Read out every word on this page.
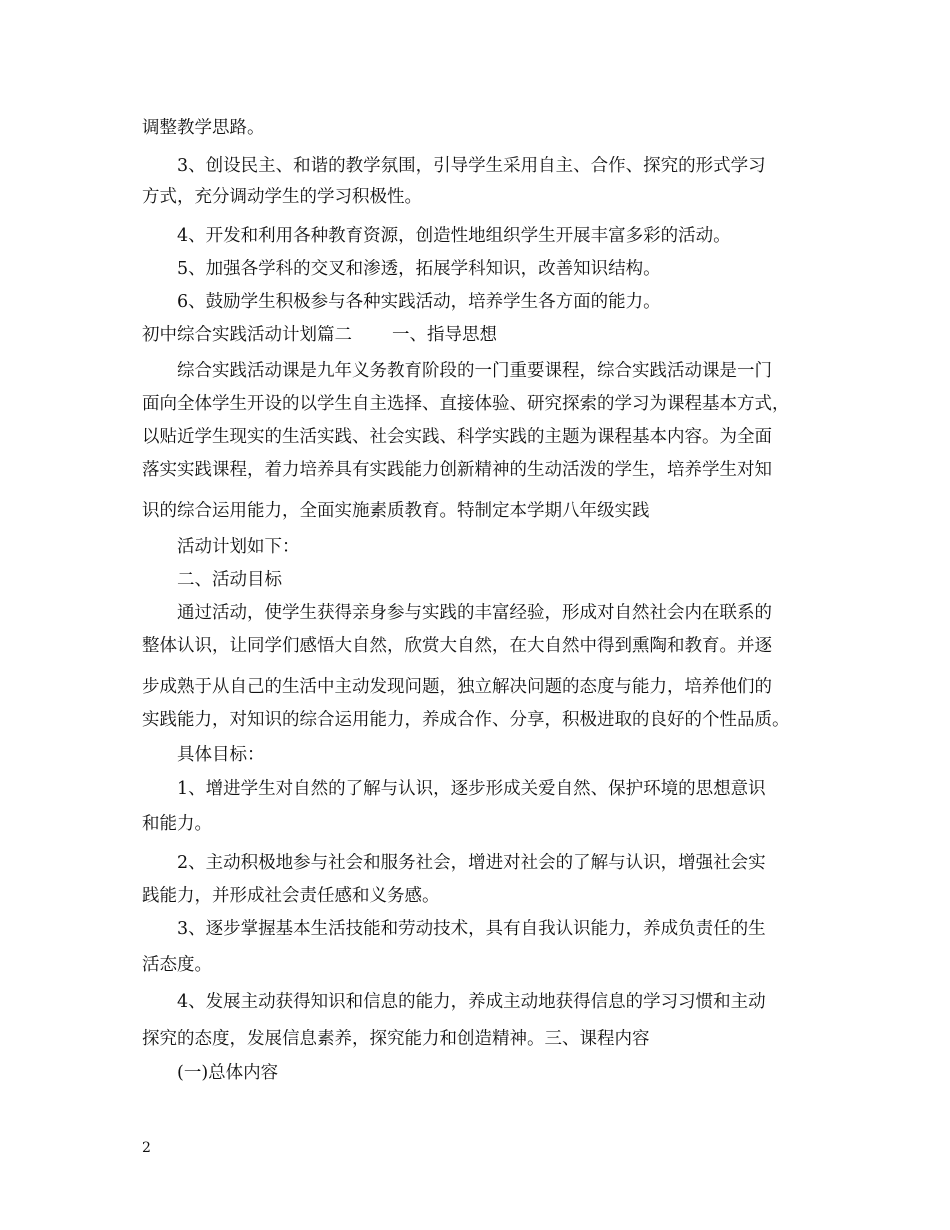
调整教学思路。
3、创设民主、和谐的教学氛围，引导学生采用自主、合作、探究的形式学习
方式，充分调动学生的学习积极性。
4、开发和利用各种教育资源，创造性地组织学生开展丰富多彩的活动。
5、加强各学科的交叉和渗透，拓展学科知识，改善知识结构。
6、鼓励学生积极参与各种实践活动，培养学生各方面的能力。
初中综合实践活动计划篇二 一、指导思想
综合实践活动课是九年义务教育阶段的一门重要课程，综合实践活动课是一门
面向全体学生开设的以学生自主选择、直接体验、研究探索的学习为课程基本方式，
以贴近学生现实的生活实践、社会实践、科学实践的主题为课程基本内容。为全面
落实实践课程，着力培养具有实践能力创新精神的生动活泼的学生，培养学生对知
识的综合运用能力，全面实施素质教育。特制定本学期八年级实践
活动计划如下：
二、活动目标
通过活动，使学生获得亲身参与实践的丰富经验，形成对自然社会内在联系的
整体认识，让同学们感悟大自然，欣赏大自然，在大自然中得到熏陶和教育。并逐
步成熟于从自己的生活中主动发现问题，独立解决问题的态度与能力，培养他们的
实践能力，对知识的综合运用能力，养成合作、分享，积极进取的良好的个性品质。
具体目标：
1、增进学生对自然的了解与认识，逐步形成关爱自然、保护环境的思想意识
和能力。
2、主动积极地参与社会和服务社会，增进对社会的了解与认识，增强社会实
践能力，并形成社会责任感和义务感。
3、逐步掌握基本生活技能和劳动技术，具有自我认识能力，养成负责任的生
活态度。
4、发展主动获得知识和信息的能力，养成主动地获得信息的学习习惯和主动
探究的态度，发展信息素养，探究能力和创造精神。三、课程内容
(一)总体内容
2
